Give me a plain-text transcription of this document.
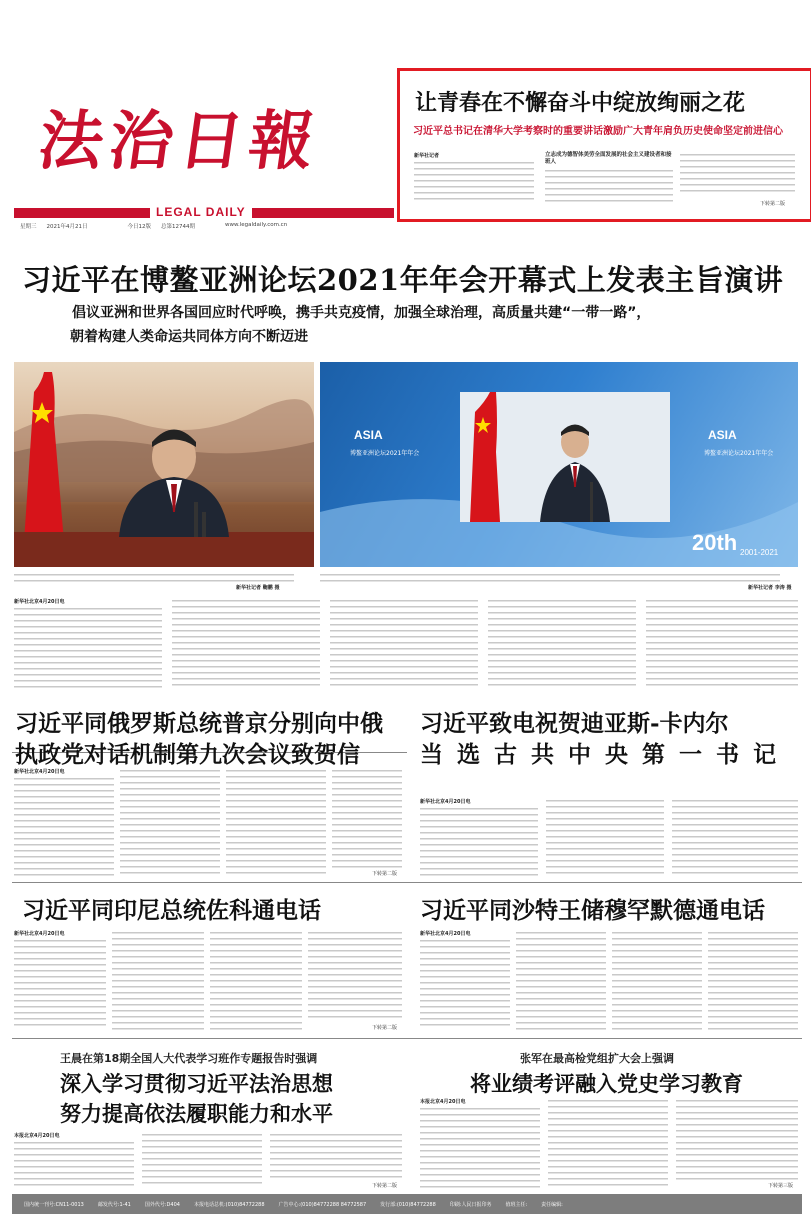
法治日報
LEGAL DAILY
星期三 2021年4月21日	今日12版 总第12744期	www.legaldaily.com.cn
让青春在不懈奋斗中绽放绚丽之花
习近平总书记在清华大学考察时的重要讲话激励广大青年肩负历史使命坚定前进信心
新华社记者	立志成为德智体美劳全面发展的社会主义建设者和接班人
下转第二版
习近平在博鳌亚洲论坛2021年年会开幕式上发表主旨演讲
倡议亚洲和世界各国回应时代呼唤，携手共克疫情，加强全球治理，高质量共建“一带一路”，
朝着构建人类命运共同体方向不断迈进
新华社记者 鞠鹏 摄
ASIA
博鳌亚洲论坛2021年年会
ASIA
博鳌亚洲论坛2021年年会
20th 2001-2021
新华社记者 李涛 摄
新华社北京4月20日电
习近平同俄罗斯总统普京分别向中俄
执政党对话机制第九次会议致贺信
新华社北京4月20日电
下转第二版
习近平致电祝贺迪亚斯-卡内尔
当 选 古 共 中 央 第 一 书 记
新华社北京4月20日电
习近平同印尼总统佐科通电话
新华社北京4月20日电
下转第二版
习近平同沙特王储穆罕默德通电话
新华社北京4月20日电
王晨在第18期全国人大代表学习班作专题报告时强调
深入学习贯彻习近平法治思想
努力提高依法履职能力和水平
本报北京4月20日电
下转第二版
张军在最高检党组扩大会上强调
将业绩考评融入党史学习教育
本报北京4月20日电
下转第三版
国内统一刊号:CN11-0013	邮发代号:1-41	国外代号:D404	本报电话总机:(010)84772288	广告中心:(010)84772288 84772587	发行部:(010)84772288	印刷:人民日报印务	值班主任:	责任编辑:
